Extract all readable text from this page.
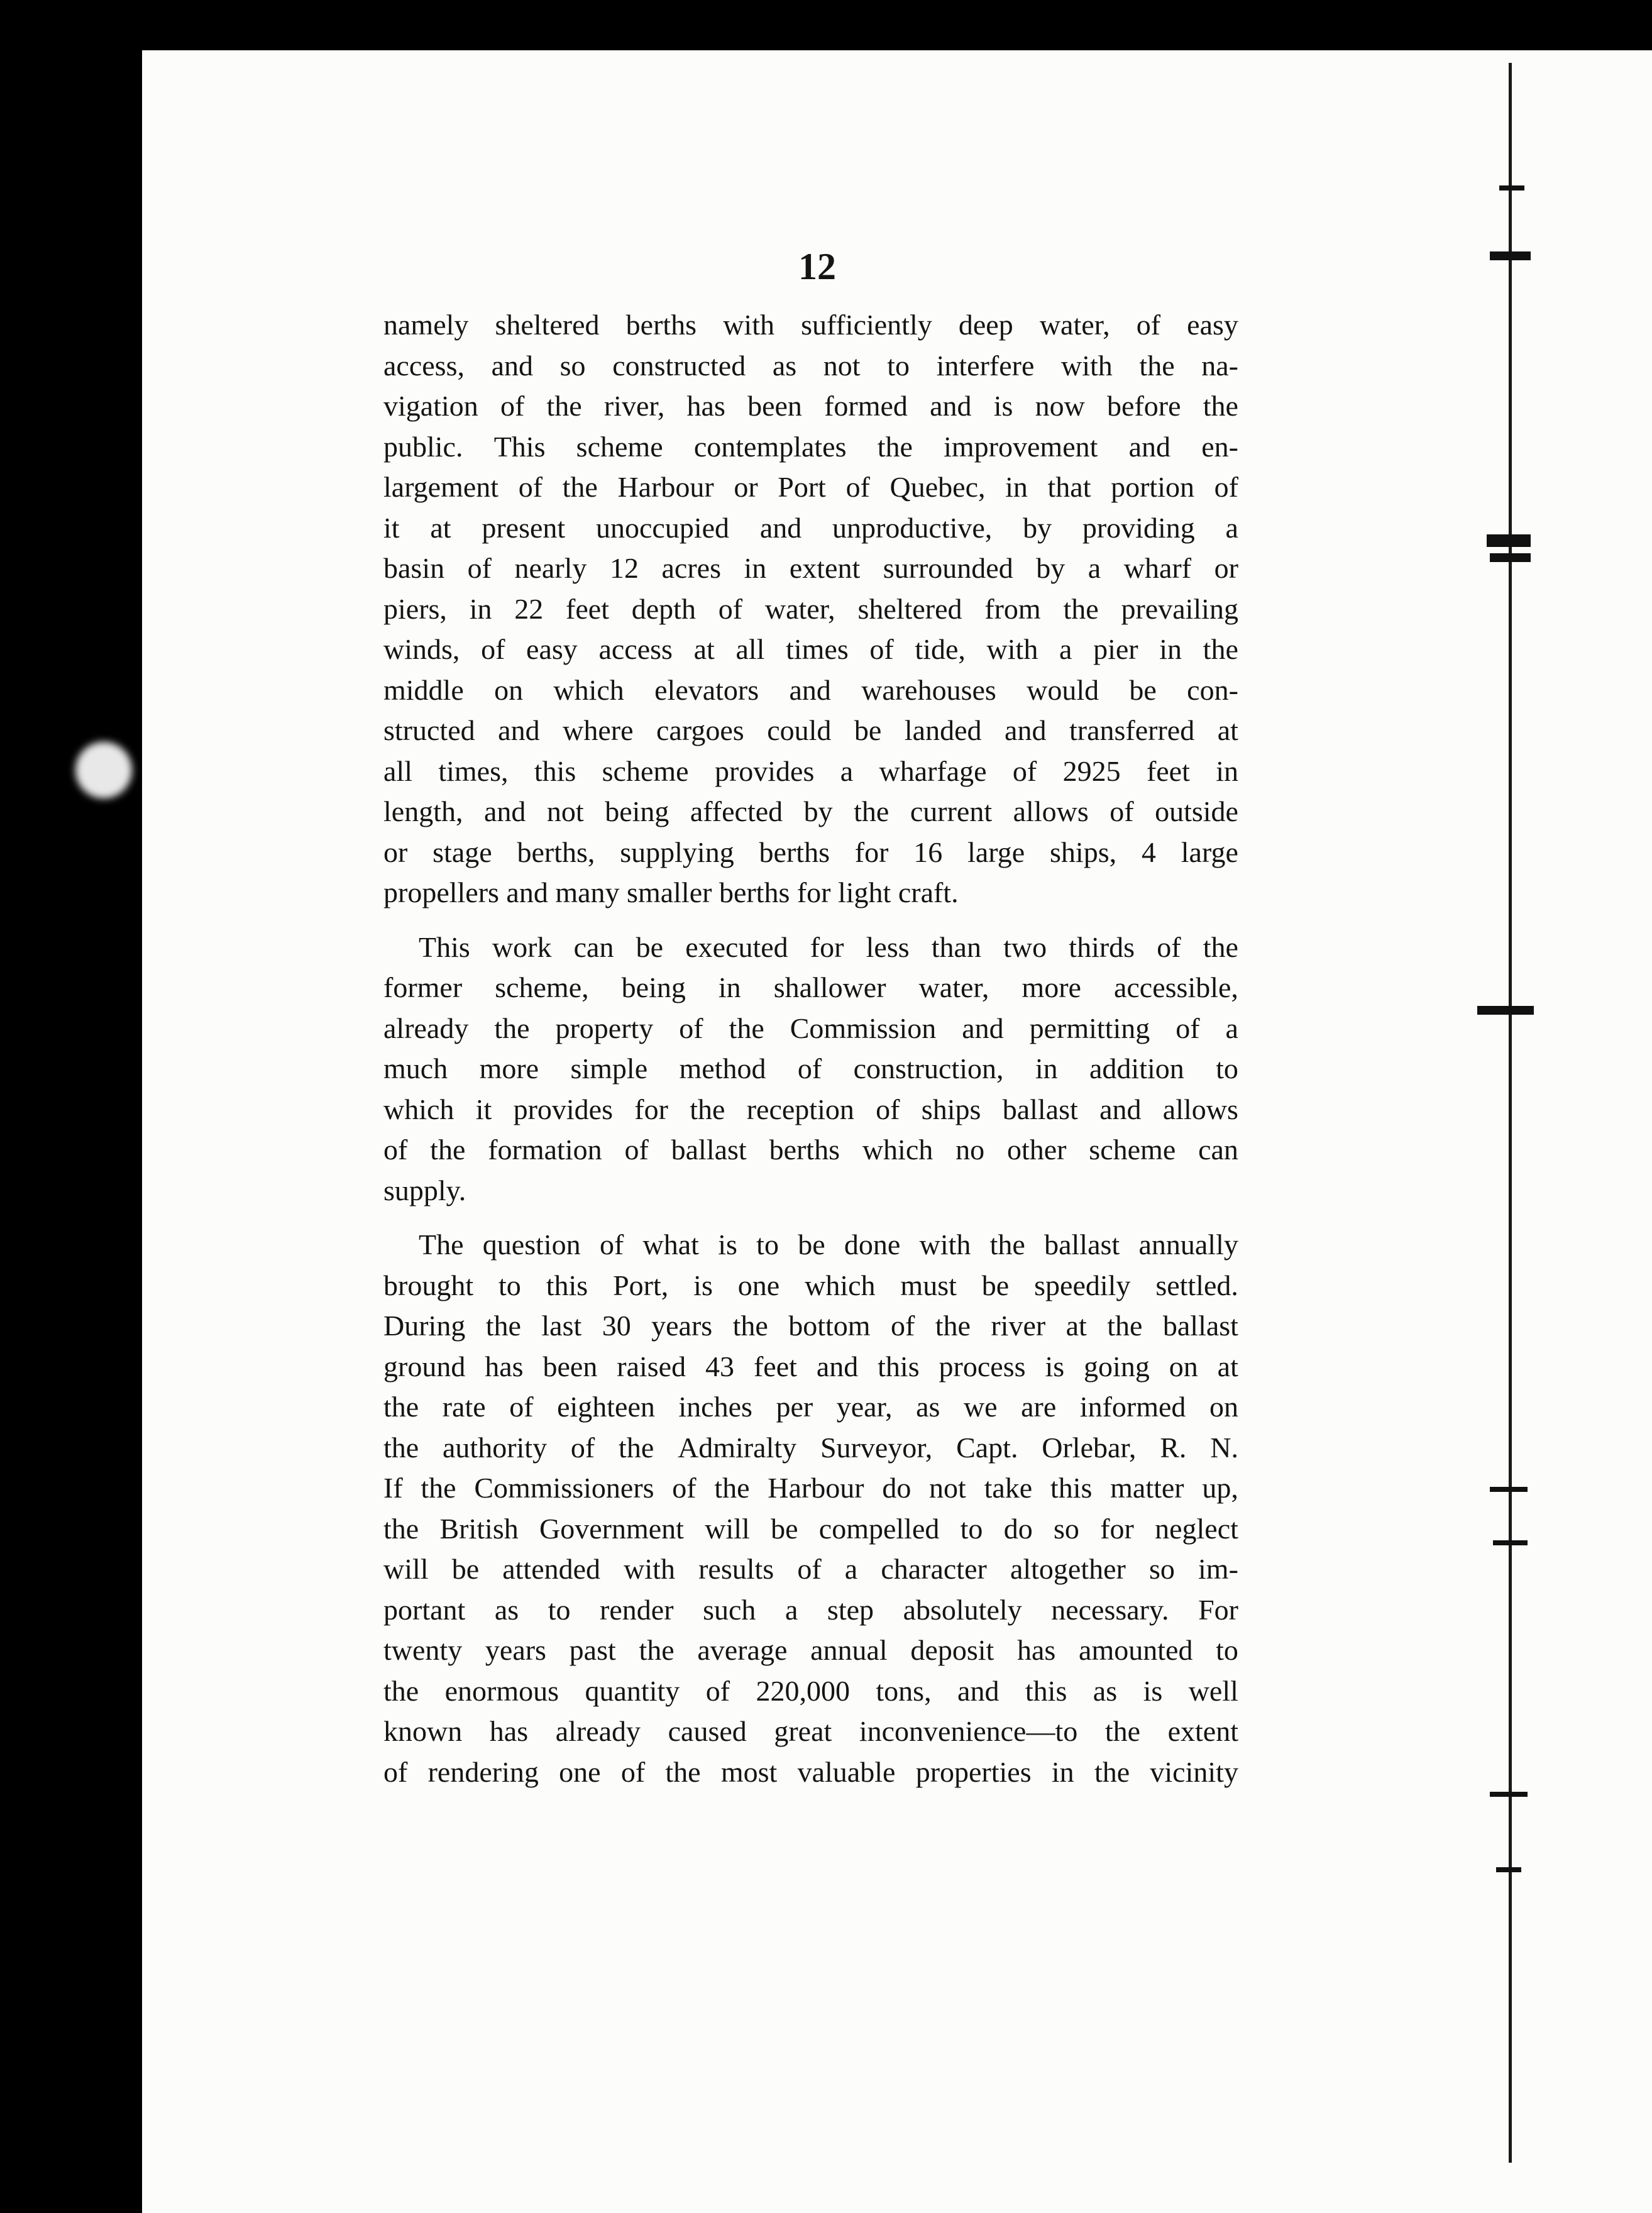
12
namely sheltered berths with sufficiently deep water, of easy
access, and so constructed as not to interfere with the na-
vigation of the river, has been formed and is now before the
public. This scheme contemplates the improvement and en-
largement of the Harbour or Port of Quebec, in that portion of
it at present unoccupied and unproductive, by providing a
basin of nearly 12 acres in extent surrounded by a wharf or
piers, in 22 feet depth of water, sheltered from the prevailing
winds, of easy access at all times of tide, with a pier in the
middle on which elevators and warehouses would be con-
structed and where cargoes could be landed and transferred at
all times, this scheme provides a wharfage of 2925 feet in
length, and not being affected by the current allows of outside
or stage berths, supplying berths for 16 large ships, 4 large
propellers and many smaller berths for light craft.
This work can be executed for less than two thirds of the
former scheme, being in shallower water, more accessible,
already the property of the Commission and permitting of a
much more simple method of construction, in addition to
which it provides for the reception of ships ballast and allows
of the formation of ballast berths which no other scheme can
supply.
The question of what is to be done with the ballast annually
brought to this Port, is one which must be speedily settled.
During the last 30 years the bottom of the river at the ballast
ground has been raised 43 feet and this process is going on at
the rate of eighteen inches per year, as we are informed on
the authority of the Admiralty Surveyor, Capt. Orlebar, R. N.
If the Commissioners of the Harbour do not take this matter up,
the British Government will be compelled to do so for neglect
will be attended with results of a character altogether so im-
portant as to render such a step absolutely necessary. For
twenty years past the average annual deposit has amounted to
the enormous quantity of 220,000 tons, and this as is well
known has already caused great inconvenience—to the extent
of rendering one of the most valuable properties in the vicinity
